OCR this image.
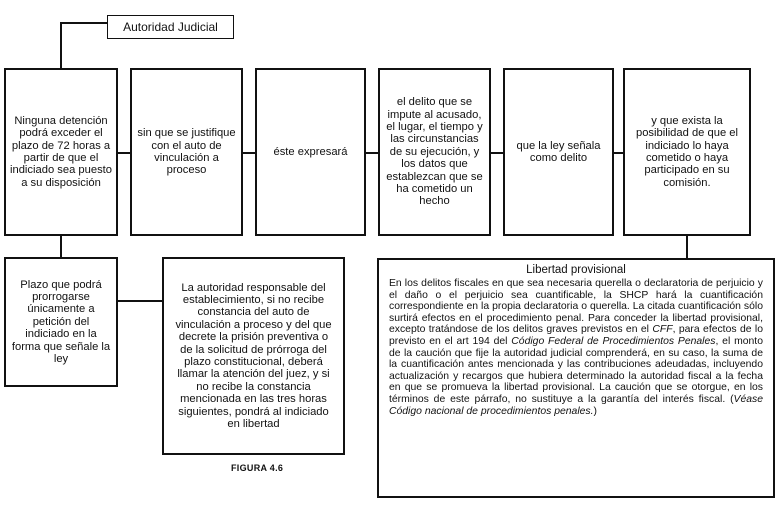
Autoridad Judicial
Ninguna detención podrá exceder el plazo de 72 horas a partir de que el indiciado sea puesto a su disposición
sin que se justifique con el auto de vinculación a proceso
éste expresará
el delito que se impute al acusado, el lugar, el tiempo y las circunstancias de su ejecución, y los datos que establezcan que se ha cometido un hecho
que la ley señala como delito
y que exista la posibilidad de que el indiciado lo haya cometido o haya participado en su comisión.
Plazo que podrá prorrogarse únicamente a petición del indiciado en la forma que señale la ley
La autoridad responsable del establecimiento, si no recibe constancia del auto de vinculación a proceso y del que decrete la prisión preventiva o de la solicitud de prórroga del plazo constitucional, deberá llamar la atención del juez, y si no recibe la constancia mencionada en las tres horas siguientes, pondrá al indiciado en libertad
Libertad provisional
En los delitos fiscales en que sea necesaria querella o declaratoria de perjuicio y el daño o el perjuicio sea cuantificable, la SHCP hará la cuantificación correspondiente en la propia declaratoria o querella. La citada cuantificación sólo surtirá efectos en el procedimiento penal. Para conceder la libertad provisional, excepto tratándose de los delitos graves previstos en el CFF, para efectos de lo previsto en el art 194 del Código Federal de Procedimientos Penales, el monto de la caución que fije la autoridad judicial comprenderá, en su caso, la suma de la cuantificación antes mencionada y las contribuciones adeudadas, incluyendo actualización y recargos que hubiera determinado la autoridad fiscal a la fecha en que se promueva la libertad provisional. La caución que se otorgue, en los términos de este párrafo, no sustituye a la garantía del interés fiscal. (Véase Código nacional de procedimientos penales.)
FIGURA 4.6
